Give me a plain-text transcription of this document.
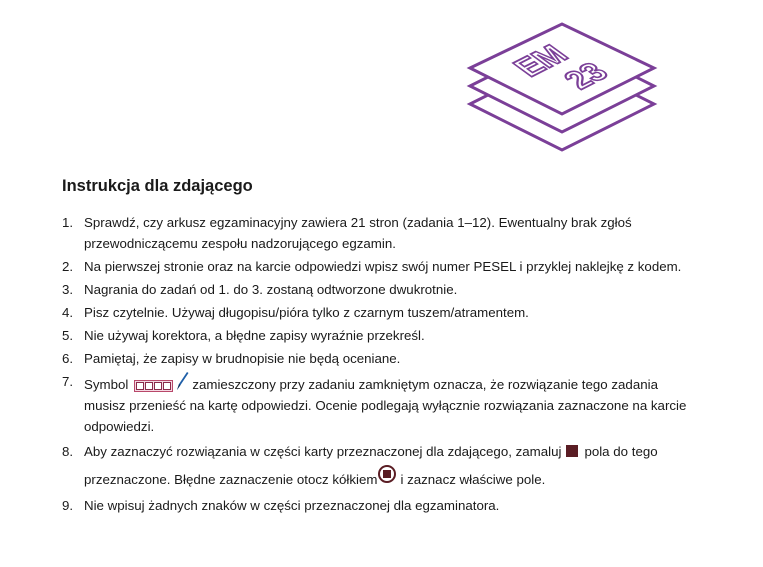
EM
23
Instrukcja dla zdającego
1. Sprawdź, czy arkusz egzaminacyjny zawiera 21 stron (zadania 1–12). Ewentualny brak zgłoś przewodniczącemu zespołu nadzorującego egzamin.
2. Na pierwszej stronie oraz na karcie odpowiedzi wpisz swój numer PESEL i przyklej naklejkę z kodem.
3. Nagrania do zadań od 1. do 3. zostaną odtworzone dwukrotnie.
4. Pisz czytelnie. Używaj długopisu/pióra tylko z czarnym tuszem/atramentem.
5. Nie używaj korektora, a błędne zapisy wyraźnie przekreśl.
6. Pamiętaj, że zapisy w brudnopisie nie będą oceniane.
7. Symbol	zamieszczony przy zadaniu zamkniętym oznacza, że rozwiązanie tego zadania musisz przenieść na kartę odpowiedzi. Ocenie podlegają wyłącznie rozwiązania zaznaczone na karcie odpowiedzi.
8. Aby zaznaczyć rozwiązania w części karty przeznaczonej dla zdającego, zamaluj pola do tego przeznaczone. Błędne zaznaczenie otocz kółkiem i zaznacz właściwe pole.
9. Nie wpisuj żadnych znaków w części przeznaczonej dla egzaminatora.
